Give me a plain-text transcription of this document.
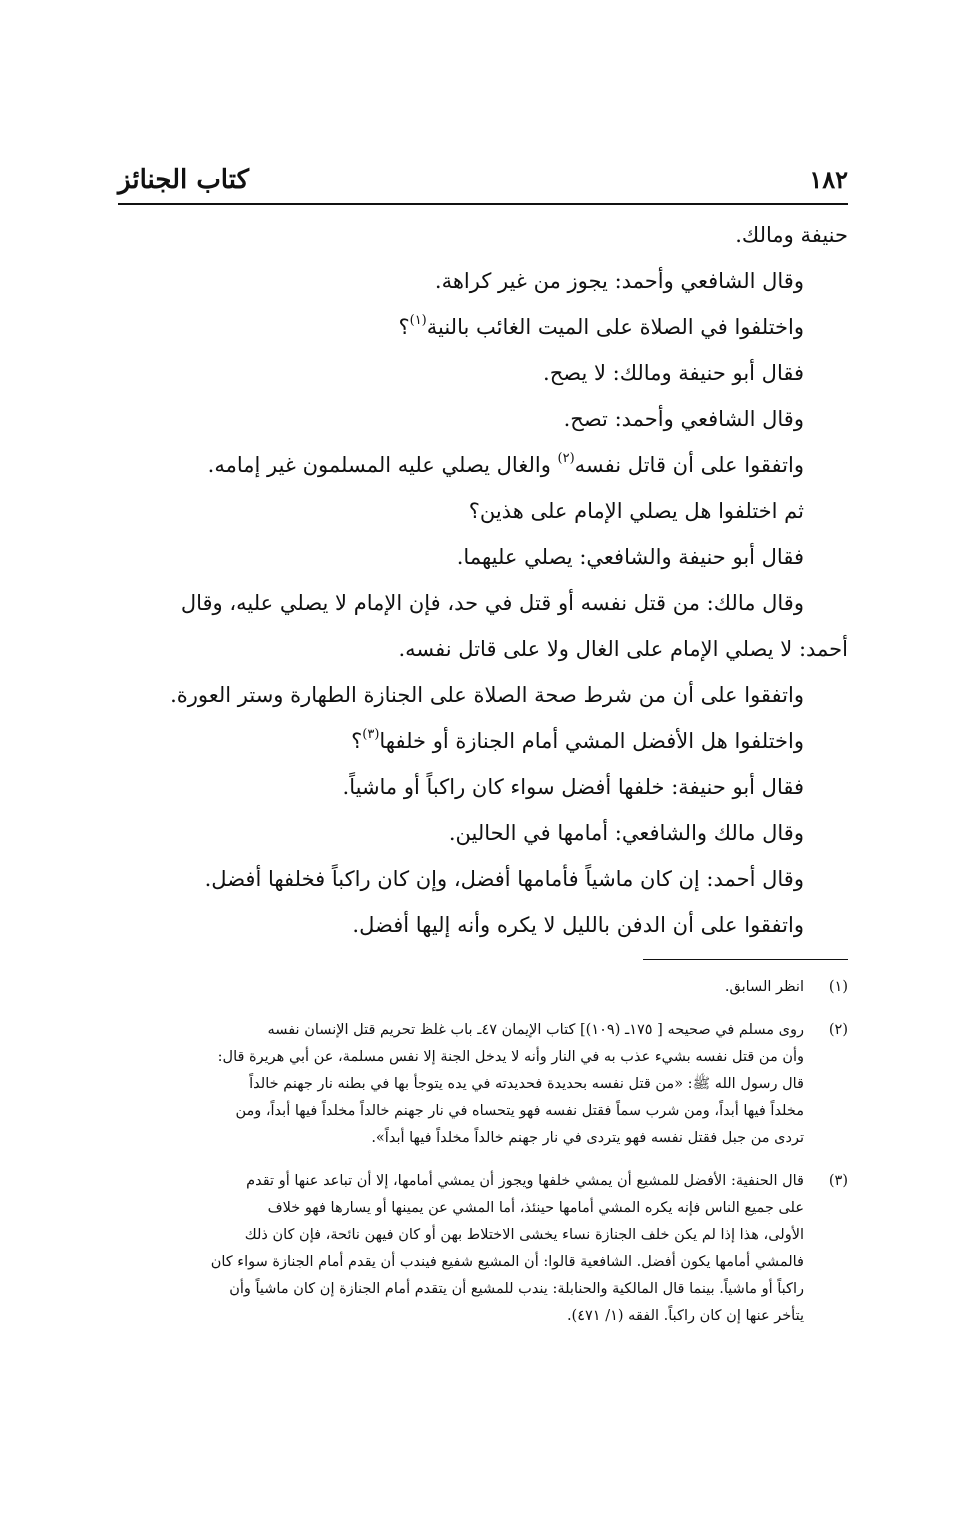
١٨٢
كتاب الجنائز
حنيفة ومالك.
وقال الشافعي وأحمد: يجوز من غير كراهة.
واختلفوا في الصلاة على الميت الغائب بالنية$^{(١)}$؟
فقال أبو حنيفة ومالك: لا يصح.
وقال الشافعي وأحمد: تصح.
واتفقوا على أن قاتل نفسه$^{(٢)}$ والغال يصلي عليه المسلمون غير إمامه.
ثم اختلفوا هل يصلي الإمام على هذين؟
فقال أبو حنيفة والشافعي: يصلي عليهما.
وقال مالك: من قتل نفسه أو قتل في حد، فإن الإمام لا يصلي عليه، وقال
أحمد: لا يصلي الإمام على الغال ولا على قاتل نفسه.
واتفقوا على أن من شرط صحة الصلاة على الجنازة الطهارة وستر العورة.
واختلفوا هل الأفضل المشي أمام الجنازة أو خلفها$^{(٣)}$؟
فقال أبو حنيفة: خلفها أفضل سواء كان راكباً أو ماشياً.
وقال مالك والشافعي: أمامها في الحالين.
وقال أحمد: إن كان ماشياً فأمامها أفضل، وإن كان راكباً فخلفها أفضل.
واتفقوا على أن الدفن بالليل لا يكره وأنه إليها أفضل.
(١)
انظر السابق.
(٢)
روى مسلم في صحيحه [ ١٧٥ـ (١٠٩)] كتاب الإيمان ٤٧ـ باب غلظ تحريم قتل الإنسان نفسه
وأن من قتل نفسه بشيء عذب به في النار وأنه لا يدخل الجنة إلا نفس مسلمة، عن أبي هريرة قال:
قال رسول الله ﷺ: «من قتل نفسه بحديدة فحديدته في يده يتوجأ بها في بطنه نار جهنم خالداً
مخلداً فيها أبداً، ومن شرب سماً فقتل نفسه فهو يتحساه في نار جهنم خالداً مخلداً فيها أبداً، ومن
تردى من جبل فقتل نفسه فهو يتردى في نار جهنم خالداً مخلداً فيها أبداً».
(٣)
قال الحنفية: الأفضل للمشيع أن يمشي خلفها ويجوز أن يمشي أمامها، إلا أن تباعد عنها أو تقدم
على جميع الناس فإنه يكره المشي أمامها حينئذ، أما المشي عن يمينها أو يسارها فهو خلاف
الأولى، هذا إذا لم يكن خلف الجنازة نساء يخشى الاختلاط بهن أو كان فيهن نائحة، فإن كان ذلك
فالمشي أمامها يكون أفضل. الشافعية قالوا: أن المشيع شفيع فيندب أن يقدم أمام الجنازة سواء كان
راكباً أو ماشياً. بينما قال المالكية والحنابلة: يندب للمشيع أن يتقدم أمام الجنازة إن كان ماشياً وأن
يتأخر عنها إن كان راكباً. الفقه (١/ ٤٧١).
